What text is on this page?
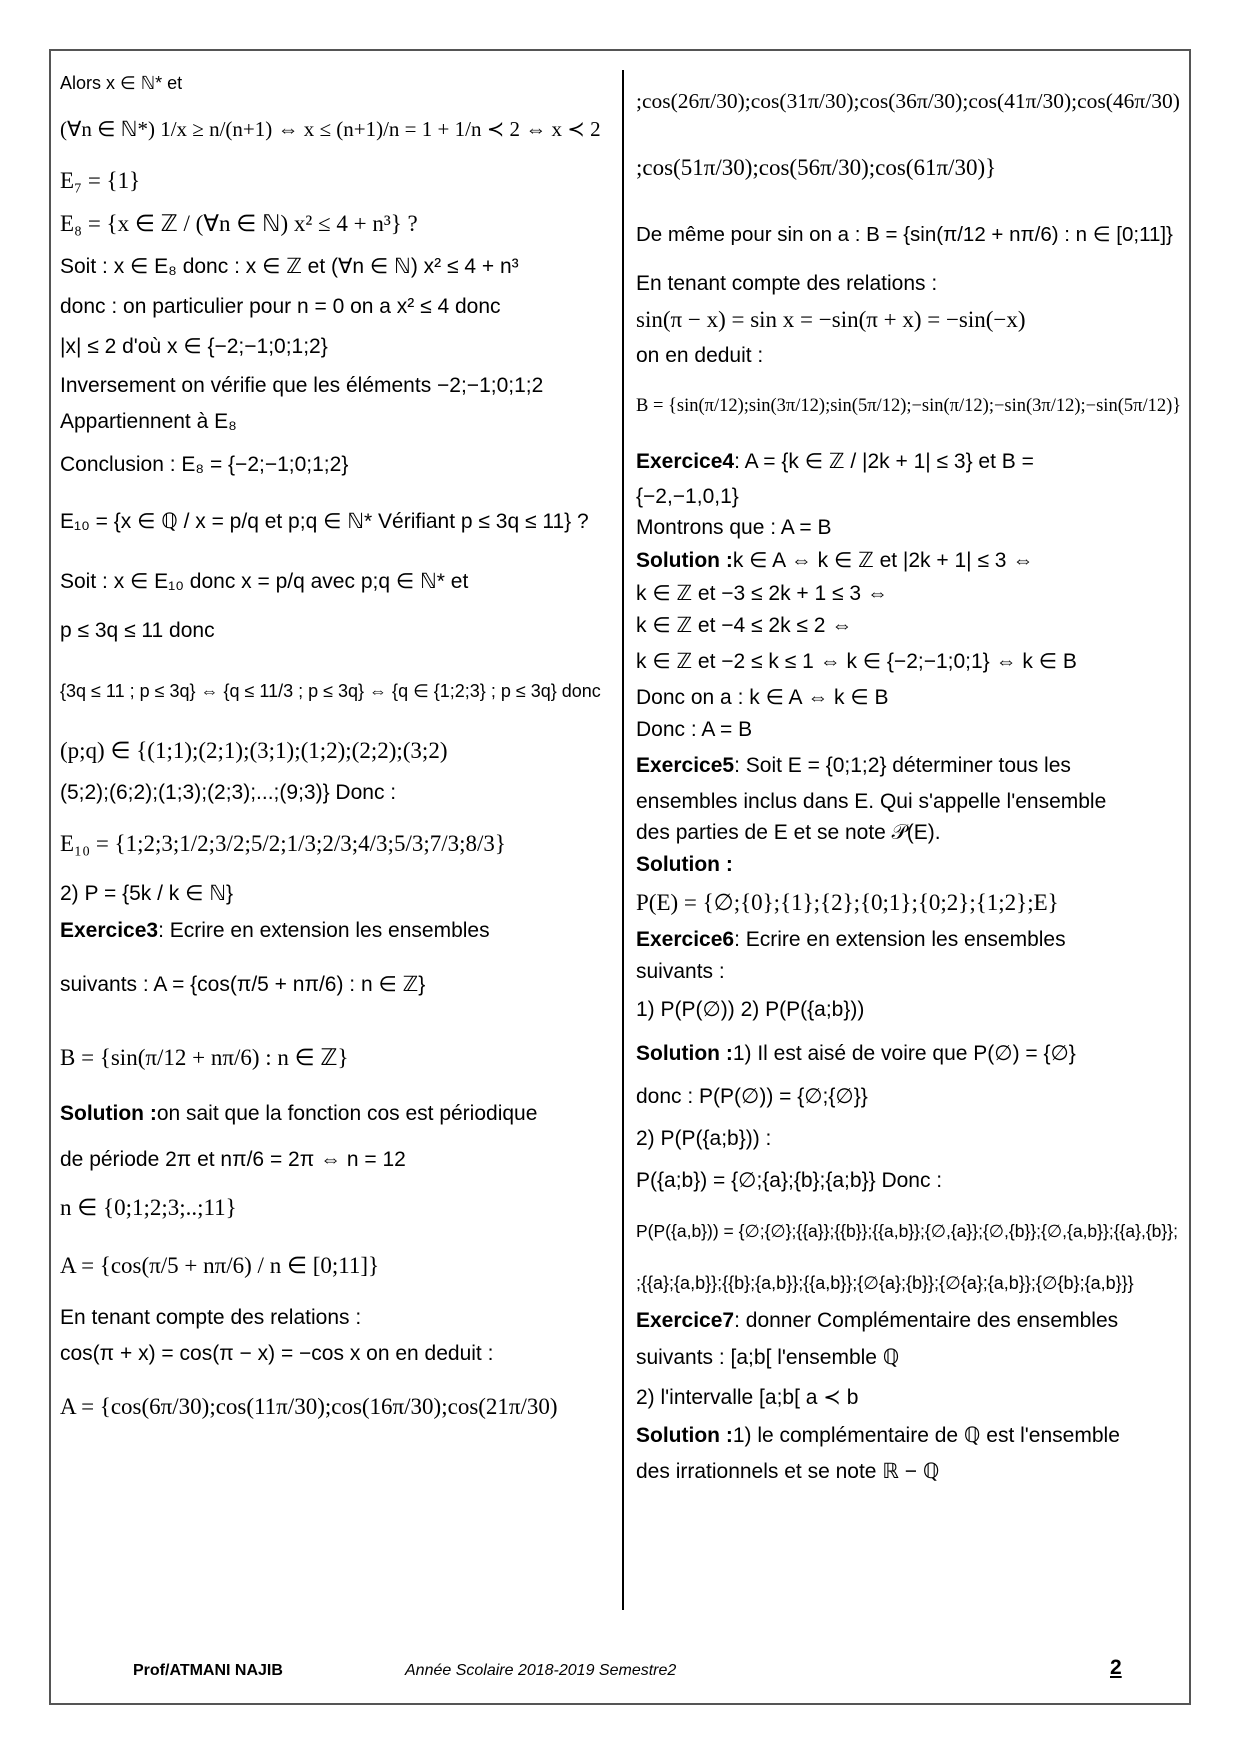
Alors x ∈ ℕ* et
(∀n ∈ ℕ*) 1/x ≥ n/(n+1) ⇔ x ≤ (n+1)/n = 1 + 1/n ≺ 2 ⇔ x ≺ 2
E₇ = {1}
E₈ = {x ∈ ℤ / (∀n ∈ ℕ) x² ≤ 4 + n³} ?
Soit : x ∈ E₈ donc : x ∈ ℤ et (∀n ∈ ℕ) x² ≤ 4 + n³
donc : on particulier pour n = 0 on a x² ≤ 4 donc
|x| ≤ 2 d'où x ∈ {−2;−1;0;1;2}
Inversement on vérifie que les éléments −2;−1;0;1;2
Appartiennent à E₈
Conclusion : E₈ = {−2;−1;0;1;2}
E₁₀ = {x ∈ ℚ / x = p/q et p;q ∈ ℕ* Vérifiant p ≤ 3q ≤ 11} ?
Soit : x ∈ E₁₀ donc x = p/q avec p;q ∈ ℕ* et
p ≤ 3q ≤ 11 donc
{3q ≤ 11 ; p ≤ 3q} ⇔ {q ≤ 11/3 ; p ≤ 3q} ⇔ {q ∈ {1;2;3} ; p ≤ 3q} donc
(p;q) ∈ {(1;1);(2;1);(3;1);(1;2);(2;2);(3;2)
(5;2);(6;2);(1;3);(2;3);...;(9;3)} Donc :
E₁₀ = {1;2;3;1/2;3/2;5/2;1/3;2/3;4/3;5/3;7/3;8/3}
2) P = {5k / k ∈ ℕ}
Exercice3 : Ecrire en extension les ensembles
suivants : A = {cos(π/5 + nπ/6) : n ∈ ℤ}
B = {sin(π/12 + nπ/6) : n ∈ ℤ}
Solution : on sait que la fonction cos est périodique
de période 2π et nπ/6 = 2π ⇔ n = 12
n ∈ {0;1;2;3;..;11}
A = {cos(π/5 + nπ/6) / n ∈ [0;11]}
En tenant compte des relations :
cos(π + x) = cos(π − x) = −cos x on en deduit :
A = {cos(6π/30);cos(11π/30);cos(16π/30);cos(21π/30)
;cos(26π/30);cos(31π/30);cos(36π/30);cos(41π/30);cos(46π/30)
;cos(51π/30);cos(56π/30);cos(61π/30)}
De même pour sin on a : B = {sin(π/12 + nπ/6) : n ∈ [0;11]}
En tenant compte des relations :
sin(π − x) = sin x = −sin(π + x) = −sin(−x)
on en deduit :
B = {sin(π/12);sin(3π/12);sin(5π/12);−sin(π/12);−sin(3π/12);−sin(5π/12)}
Exercice4 : A = {k ∈ ℤ / |2k + 1| ≤ 3} et B =
{−2,−1,0,1}
Montrons que : A = B
Solution : k ∈ A ⇔ k ∈ ℤ et |2k + 1| ≤ 3 ⇔
k ∈ ℤ et −3 ≤ 2k + 1 ≤ 3 ⇔
k ∈ ℤ et −4 ≤ 2k ≤ 2 ⇔
k ∈ ℤ et −2 ≤ k ≤ 1 ⇔ k ∈ {−2;−1;0;1} ⇔ k ∈ B
Donc on a : k ∈ A ⇔ k ∈ B
Donc : A = B
Exercice5 : Soit E = {0;1;2} déterminer tous les
ensembles inclus dans E. Qui s'appelle l'ensemble
des parties de E et se note 𝒫(E).
Solution :
P(E) = {∅;{0};{1};{2};{0;1};{0;2};{1;2};E}
Exercice6 : Ecrire en extension les ensembles
suivants :
1) P(P(∅)) 2) P(P({a;b}))
Solution : 1) Il est aisé de voire que P(∅) = {∅}
donc : P(P(∅)) = {∅;{∅}}
2) P(P({a;b})) :
P({a;b}) = {∅;{a};{b};{a;b}} Donc :
P(P({a,b})) = {∅;{∅};{{a}};{{b}};{{a,b}};{∅,{a}};{∅,{b}};{∅,{a,b}};{{a},{b}};
;{{a};{a,b}};{{b};{a,b}};{{a,b}};{∅{a};{b}};{∅{a};{a,b}};{∅{b};{a,b}}}
Exercice7 : donner Complémentaire des ensembles
suivants : [a;b[ l'ensemble ℚ
2) l'intervalle [a;b[ a ≺ b
Solution : 1) le complémentaire de ℚ est l'ensemble
des irrationnels et se note ℝ − ℚ
Prof/ATMANI NAJIB	Année Scolaire 2018-2019 Semestre2	2
